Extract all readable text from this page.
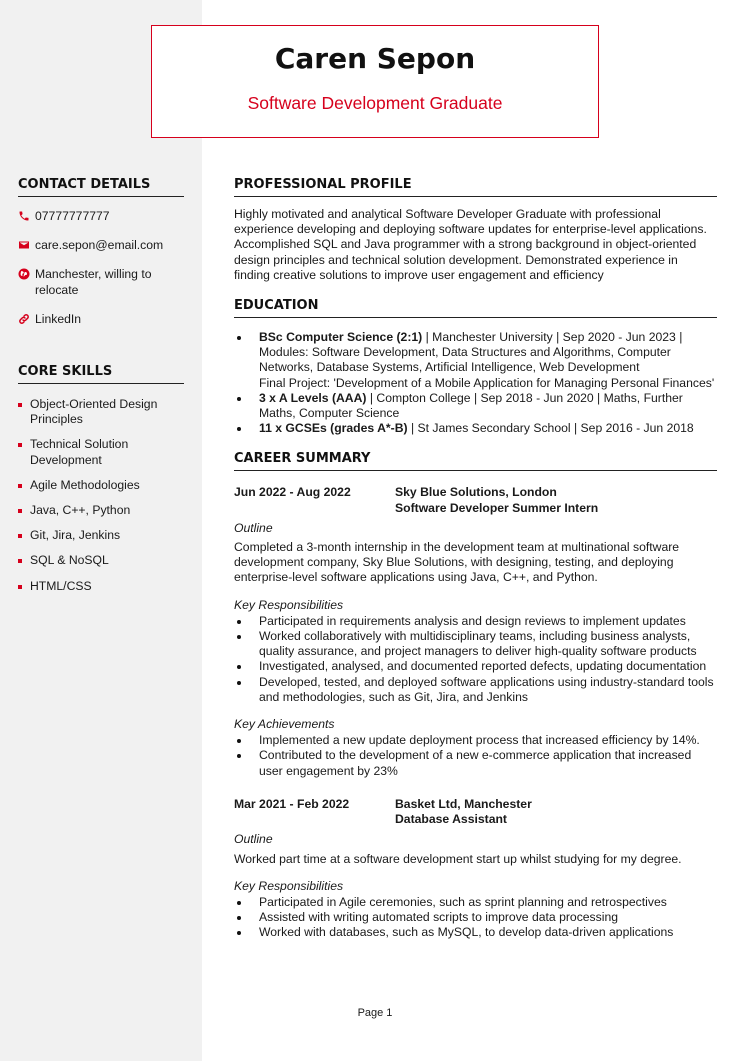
Caren Sepon
Software Development Graduate
CONTACT DETAILS
07777777777
care.sepon@email.com
Manchester, willing to relocate
LinkedIn
CORE SKILLS
Object-Oriented Design Principles
Technical Solution Development
Agile Methodologies
Java, C++, Python
Git, Jira, Jenkins
SQL & NoSQL
HTML/CSS
PROFESSIONAL PROFILE

Highly motivated and analytical Software Developer Graduate with professional experience developing and deploying software updates for enterprise-level applications. Accomplished SQL and Java programmer with a strong background in object-oriented design principles and technical solution development. Demonstrated experience in finding creative solutions to improve user engagement and efficiency

EDUCATION
BSc Computer Science (2:1) | Manchester University | Sep 2020 - Jun 2023 | Modules: Software Development, Data Structures and Algorithms, Computer Networks, Database Systems, Artificial Intelligence, Web Development
Final Project: 'Development of a Mobile Application for Managing Personal Finances'
3 x A Levels (AAA) | Compton College | Sep 2018 - Jun 2020 | Maths, Further Maths, Computer Science
11 x GCSEs (grades A*-B) | St James Secondary School | Sep 2016 - Jun 2018
CAREER SUMMARY
Jun 2022 - Aug 2022	Sky Blue Solutions, London
Software Developer Summer Intern
Outline

Completed a 3-month internship in the development team at multinational software development company, Sky Blue Solutions, with designing, testing, and deploying enterprise-level software applications using Java, C++, and Python.

Key Responsibilities
Participated in requirements analysis and design reviews to implement updates
Worked collaboratively with multidisciplinary teams, including business analysts, quality assurance, and project managers to deliver high-quality software products
Investigated, analysed, and documented reported defects, updating documentation
Developed, tested, and deployed software applications using industry-standard tools and methodologies, such as Git, Jira, and Jenkins
Key Achievements
Implemented a new update deployment process that increased efficiency by 14%.
Contributed to the development of a new e-commerce application that increased user engagement by 23%
Mar 2021 - Feb 2022	Basket Ltd, Manchester
Database Assistant
Outline

Worked part time at a software development start up whilst studying for my degree.

Key Responsibilities
Participated in Agile ceremonies, such as sprint planning and retrospectives
Assisted with writing automated scripts to improve data processing
Worked with databases, such as MySQL, to develop data-driven applications
Page 1
